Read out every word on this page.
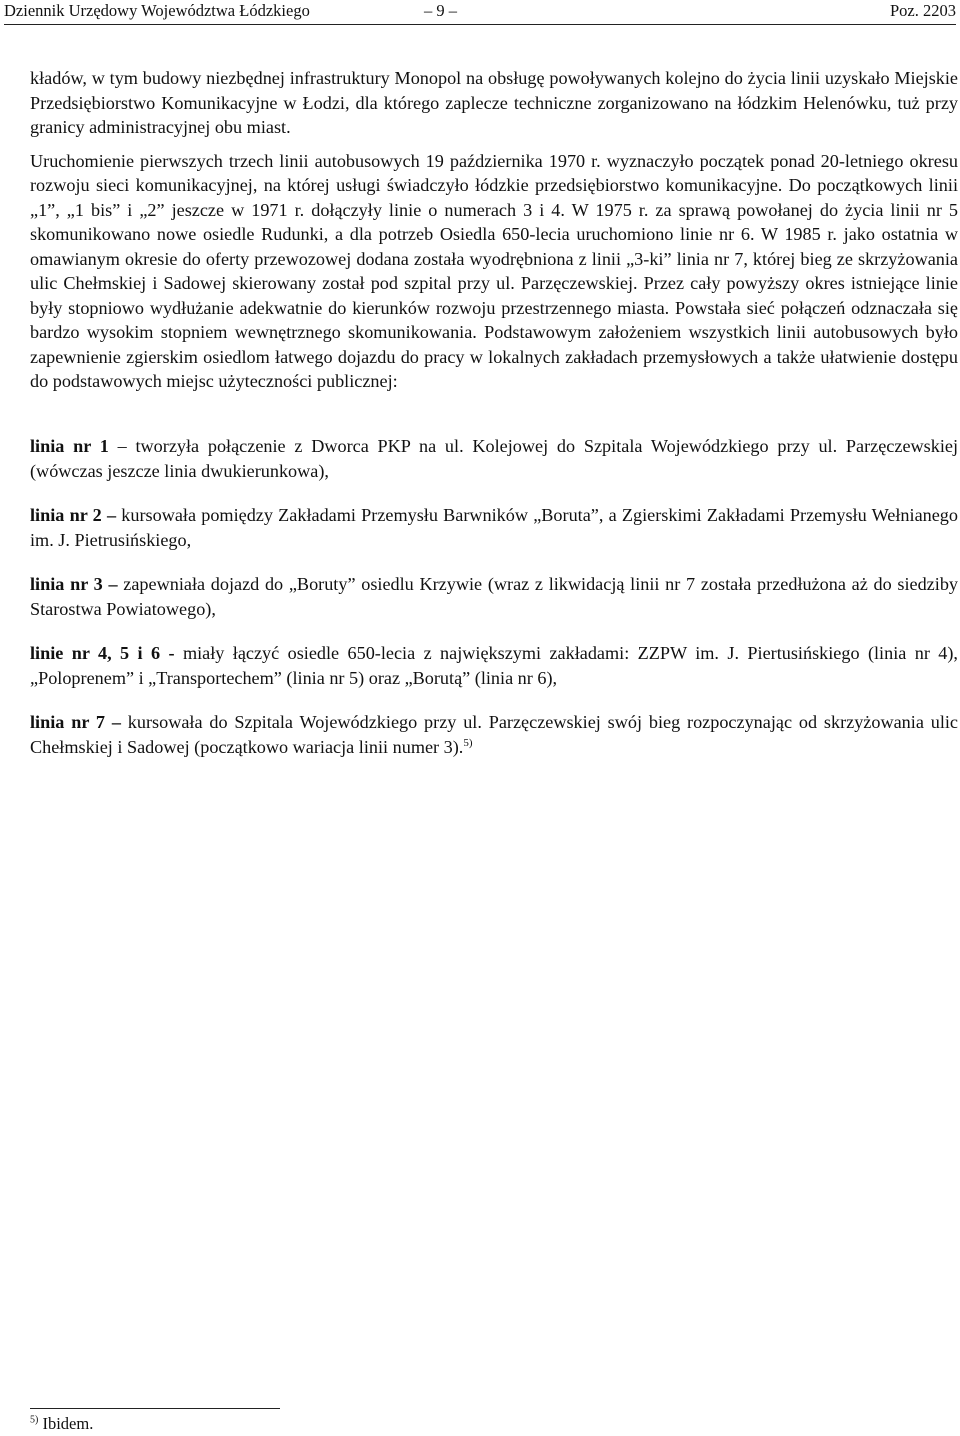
Dziennik Urzędowy Województwa Łódzkiego	– 9 –	Poz. 2203

kładów, w tym budowy niezbędnej infrastruktury Monopol na obsługę powoływanych kolejno do życia linii uzyskało Miejskie Przedsiębiorstwo Komunikacyjne w Łodzi, dla którego zaplecze techniczne zorganizowano na łódzkim Helenówku, tuż przy granicy administracyjnej obu miast.

Uruchomienie pierwszych trzech linii autobusowych 19 października 1970 r. wyznaczyło początek ponad 20-letniego okresu rozwoju sieci komunikacyjnej, na której usługi świadczyło łódzkie przedsiębiorstwo komunikacyjne. Do początkowych linii „1”, „1 bis” i „2” jeszcze w 1971 r. dołączyły linie o numerach 3 i 4. W 1975 r. za sprawą powołanej do życia linii nr 5 skomunikowano nowe osiedle Rudunki, a dla potrzeb Osiedla 650-lecia uruchomiono linie nr 6. W 1985 r. jako ostatnia w omawianym okresie do oferty przewozowej dodana została wyodrębniona z linii „3-ki” linia nr 7, której bieg ze skrzyżowania ulic Chełmskiej i Sadowej skierowany został pod szpital przy ul. Parzęczewskiej. Przez cały powyższy okres istniejące linie były stopniowo wydłużanie adekwatnie do kierunków rozwoju przestrzennego miasta. Powstała sieć połączeń odznaczała się bardzo wysokim stopniem wewnętrznego skomunikowania. Podstawowym założeniem wszystkich linii autobusowych było zapewnienie zgierskim osiedlom łatwego dojazdu do pracy w lokalnych zakładach przemysłowych a także ułatwienie dostępu do podstawowych miejsc użyteczności publicznej:

linia nr 1 – tworzyła połączenie z Dworca PKP na ul. Kolejowej do Szpitala Wojewódzkiego przy ul. Parzęczewskiej (wówczas jeszcze linia dwukierunkowa),

linia nr 2 – kursowała pomiędzy Zakładami Przemysłu Barwników „Boruta”, a Zgierskimi Zakładami Przemysłu Wełnianego im. J. Pietrusińskiego,

linia nr 3 – zapewniała dojazd do „Boruty” osiedlu Krzywie (wraz z likwidacją linii nr 7 została przedłużona aż do siedziby Starostwa Powiatowego),

linie nr 4, 5 i 6 - miały łączyć osiedle 650-lecia z największymi zakładami: ZZPW im. J. Piertusińskiego (linia nr 4), „Poloprenem” i „Transportechem” (linia nr 5) oraz „Borutą” (linia nr 6),

linia nr 7 – kursowała do Szpitala Wojewódzkiego przy ul. Parzęczewskiej swój bieg rozpoczynając od skrzyżowania ulic Chełmskiej i Sadowej (początkowo wariacja linii numer 3).$^{5)}$

$^{5)}$ Ibidem.
